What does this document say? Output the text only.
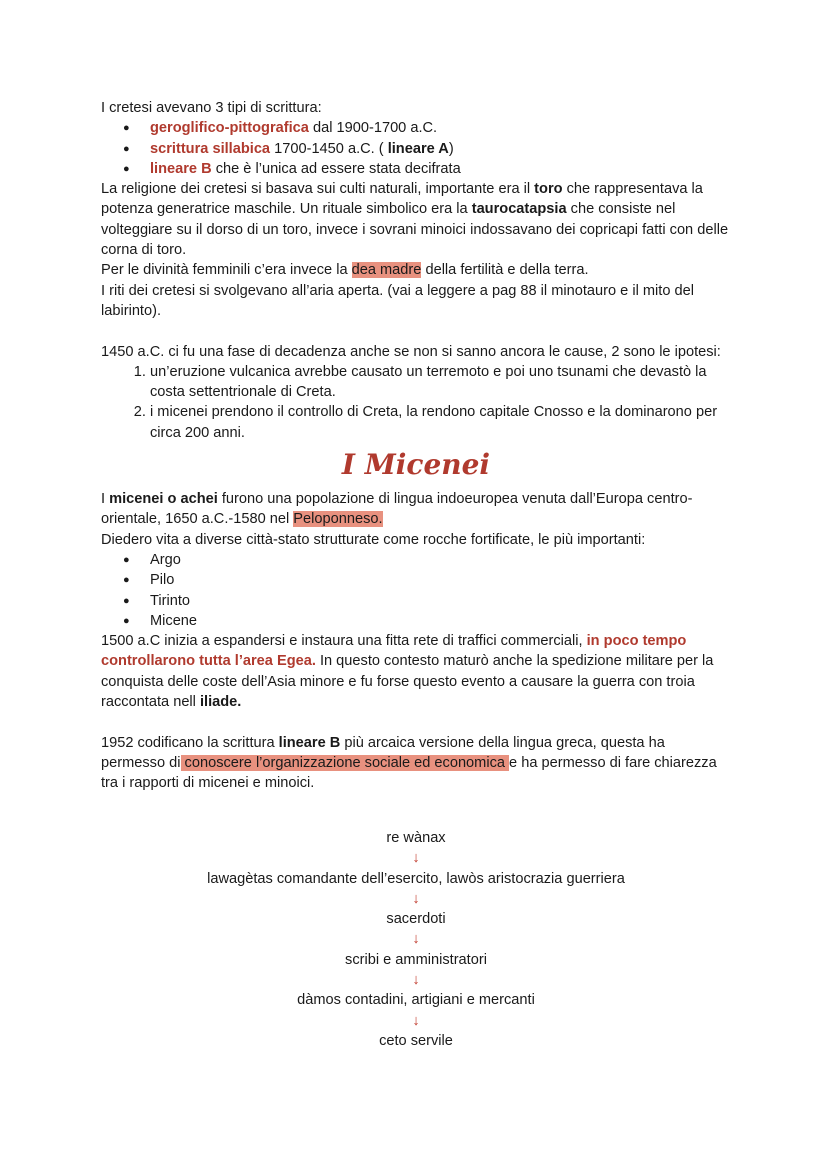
I cretesi avevano 3 tipi di scrittura:

● geroglifico-pittografica dal 1900-1700 a.C.
● scrittura sillabica 1700-1450 a.C. ( lineare A)
● lineare B che è l’unica ad essere stata decifrata

La religione dei cretesi si basava sui culti naturali, importante era il toro che rappresentava la potenza generatrice maschile. Un rituale simbolico era la taurocatapsia che consiste nel volteggiare su il dorso di un toro, invece i sovrani minoici indossavano dei copricapi fatti con delle corna di toro.

Per le divinità femminili c’era invece la dea madre della fertilità e della terra.

I riti dei cretesi si svolgevano all’aria aperta. (vai a leggere a pag 88 il minotauro e il mito del labirinto).

1450 a.C. ci fu una fase di decadenza anche se non si sanno ancora le cause, 2 sono le ipotesi:

1. un’eruzione vulcanica avrebbe causato un terremoto e poi uno tsunami che devastò la costa settentrionale di Creta.
2. i micenei prendono il controllo di Creta, la rendono capitale Cnosso e la dominarono per circa 200 anni.
I Micenei

I micenei o achei furono una popolazione di lingua indoeuropea venuta dall’Europa centro-orientale, 1650 a.C.-1580 nel Peloponneso.

Diedero vita a diverse città-stato strutturate come rocche fortificate, le più importanti:

● Argo
● Pilo
● Tirinto
● Micene

1500 a.C inizia a espandersi e instaura una fitta rete di traffici commerciali, in poco tempo controllarono tutta l’area Egea. In questo contesto maturò anche la spedizione militare per la conquista delle coste dell’Asia minore e fu forse questo evento a causare la guerra con troia raccontata nell iliade.

1952 codificano la scrittura lineare B più arcaica versione della lingua greca, questa ha permesso di conoscere l’organizzazione sociale ed economica e ha permesso di fare chiarezza tra i rapporti di micenei e minoici.

re wànax
↓
lawagètas comandante dell’esercito, lawòs aristocrazia guerriera
↓
sacerdoti
↓
scribi e amministratori
↓
dàmos contadini, artigiani e mercanti
↓
ceto servile
